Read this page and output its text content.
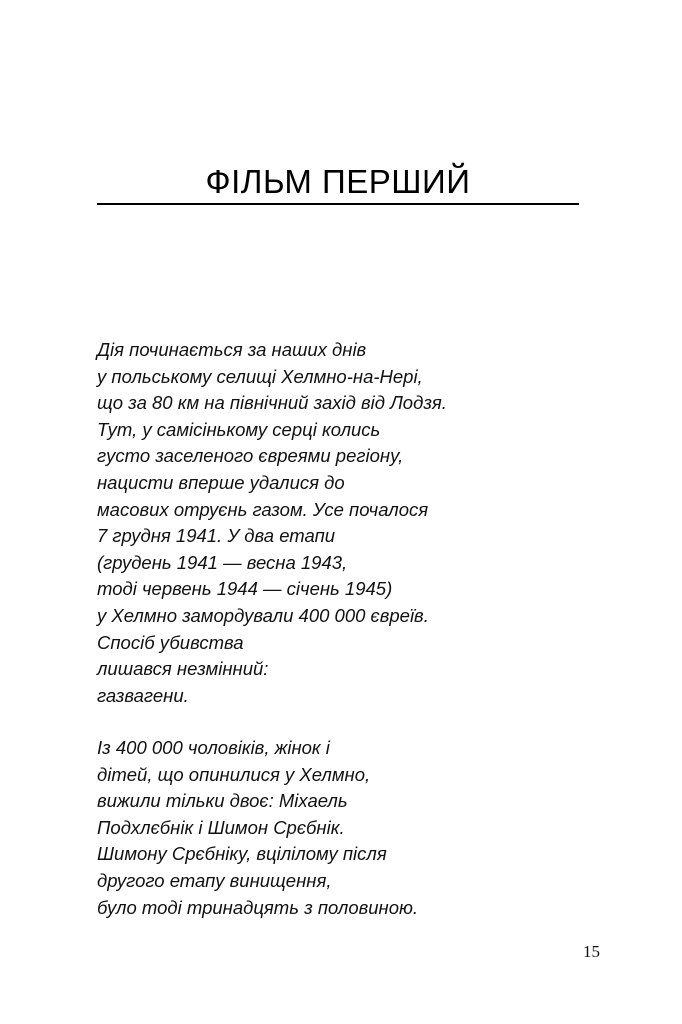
ФІЛЬМ ПЕРШИЙ
Дія починається за наших днів
у польському селищі Хелмно-на-Нері,
що за 80 км на північний захід від Лодзя.
Тут, у самісінькому серці колись
густо заселеного євреями регіону,
нацисти вперше удалися до
масових отруєнь газом. Усе почалося
7 грудня 1941. У два етапи
(грудень 1941 — весна 1943,
тоді червень 1944 — січень 1945)
у Хелмно замордували 400 000 євреїв.
Спосіб убивства
лишався незмінний:
газвагени.
Із 400 000 чоловіків, жінок і
дітей, що опинилися у Хелмно,
вижили тільки двоє: Міхаель
Подхлєбнік і Шимон Срєбнік.
Шимону Срєбніку, вцілілому після
другого етапу винищення,
було тоді тринадцять з половиною.
15
